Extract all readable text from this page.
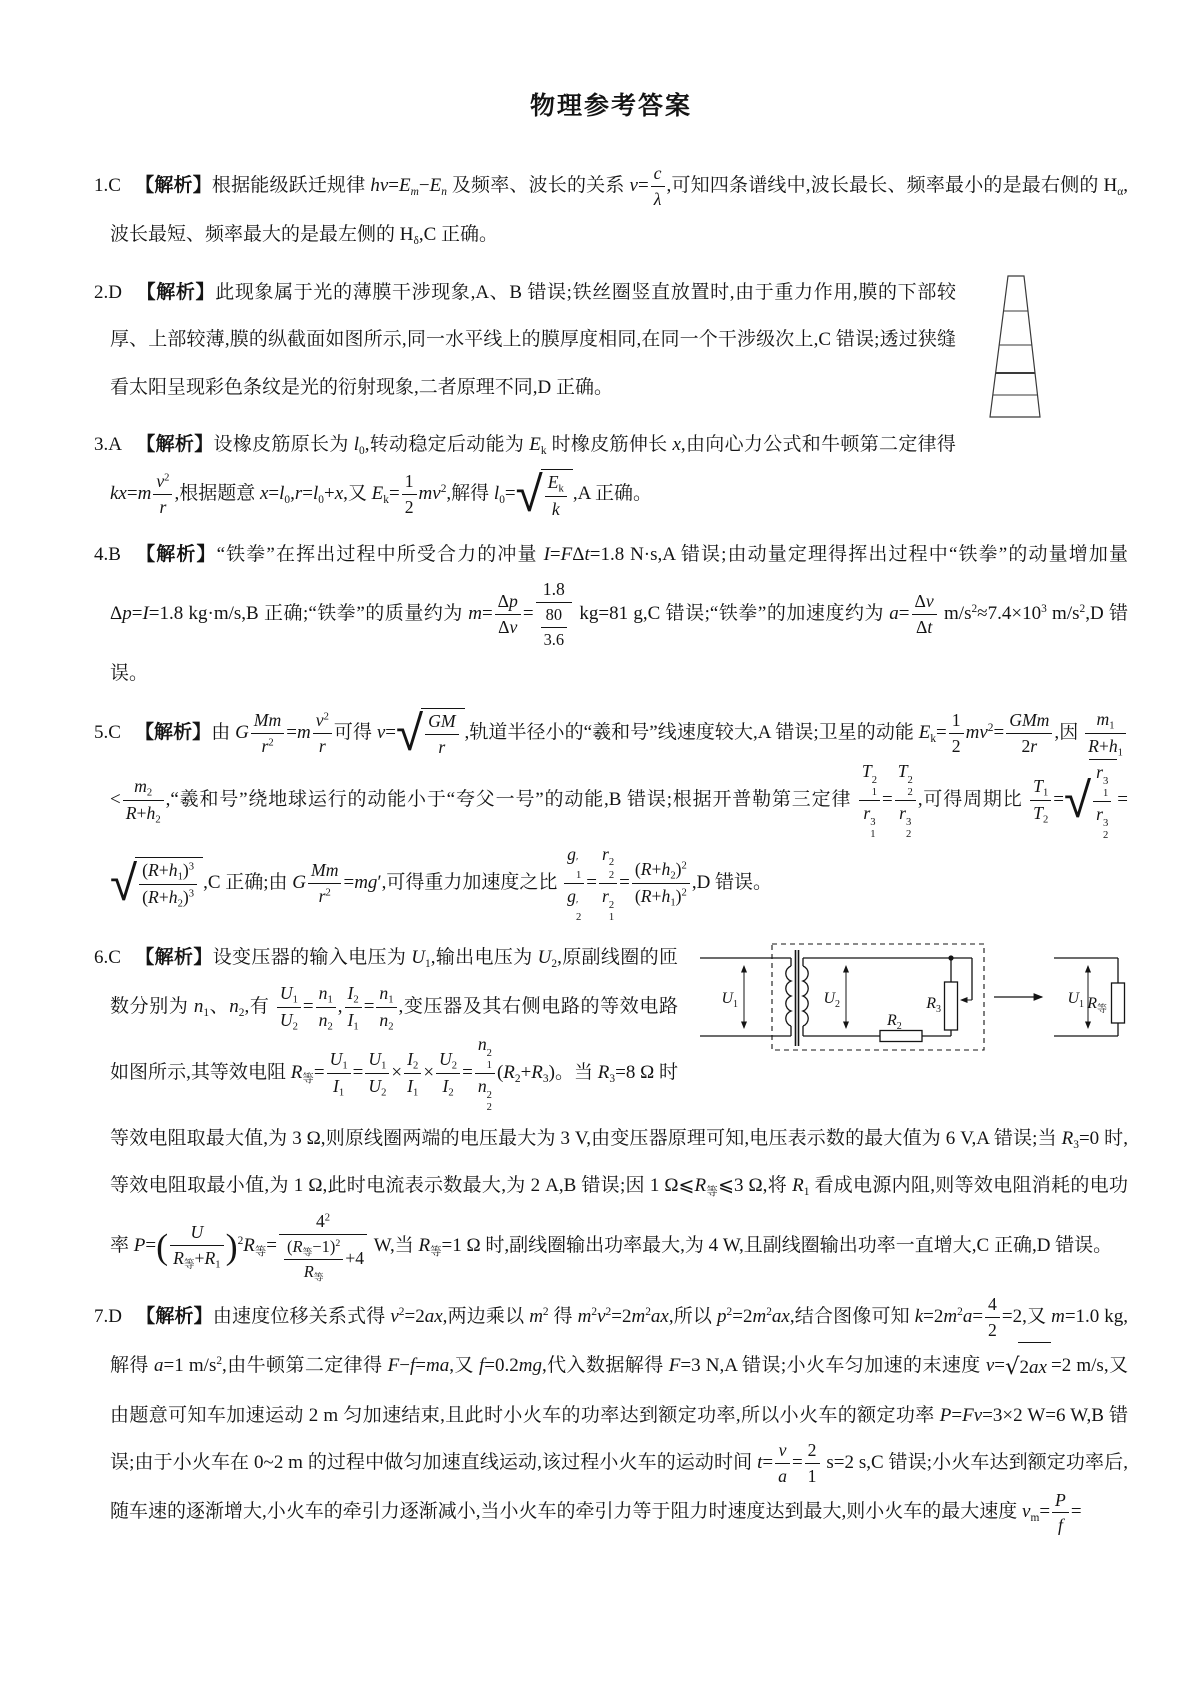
物理参考答案
1.C 【解析】根据能级跃迁规律 $h\nu=E_m-E_n$ 及频率、波长的关系 $\nu= \frac{c}{\lambda}$ ,可知四条谱线中,波长最长、频率最小的是最右侧的 $H_\alpha$,波长最短、频率最大的是最左侧的 $H_\delta,C$ 正确。
2.D 【解析】此现象属于光的薄膜干涉现象,A、B 错误;铁丝圈竖直放置时,由于重力作用,膜的下部较厚、上部较薄,膜的纵截面如图所示,同一水平线上的膜厚度相同,在同一个干涉级次上,C 错误;透过狭缝看太阳呈现彩色条纹是光的衍射现象,二者原理不同,D 正确。
3.A 【解析】设橡皮筋原长为 $l_0$,转动稳定后动能为 $E_k$ 时橡皮筋伸长 x,由向心力公式和牛顿第二定律得 $kx=m \frac{v^2}{r}$ ,根据题意 $x=l_0,r=l_0+x$,又 $E_k= \frac{1}{2} mv^2$,解得 $l_0=$ √ $\frac{E_k}{k} ,A$ 正确。
4.B 【解析】“铁拳”在挥出过程中所受合力的冲量 I=FΔt=1.8 N·s,A 错误;由动量定理得挥出过程中“铁拳”的动量增加量 Δp=I=1.8 kg·m/s,B 正确;“铁拳”的质量约为 $m= \frac{\Delta p}{\Delta v} = \frac{1.8}{\frac{80}{3.6}} kg=81$ g,C 错误;“铁拳”的加速度约为 $a= \frac{\Delta v}{\Delta t} m/s^2\approx 7.4\times 10^3$ $m/s^2,D$ 错误。
5.C 【解析】由 G $\frac{Mm}{r^2} =m \frac{v^2}{r}$ 可得 v= √ $\frac{GM}{r}$ ,轨道半径小的“羲和号”线速度较大,A 错误;卫星的动能 $E_k= \frac{1}{2} mv^2= \frac{\text{GMm}}{2r}$ ,因 $\frac{m_1}{R+h_1}$
< $\frac{m_2}{R+h_2}$ ,“羲和号”绕地球运行的动能小于“夸父一号”的动能,B 错误;根据开普勒第三定律 T 2
1
r 3
1 = T 2
2
r 3
2 ,可得周期比 $\frac{T_1}{T_2}$ = √ r 3
1
r 3
2 =
√ $\frac{(R+h_1)^3}{(R+h_2)^3} ,C$ 正确;由 G $\frac{Mm}{r^2} =mg'$,可得重力加速度之比 g ′
1
g ′
2 = r 2
2
r 2
$1 = \frac{(R+h_2)^2}{(R+h_1)^2} ,D$ 错误。
$U_1$	$U_2$
$R_2$
$R_3$
$U_1$ $R_等$
6.C 【解析】设变压器的输入电压为 $U_1$,输出电压为 $U_2$,原副线圈的匝数分别为 $n_1$、$n_2$,有 $\frac{U_1}{U_2} = \frac{n_1}{n_2}$ , $\frac{I_2}{I_1} = \frac{n_1}{n_2}$ ,变压器及其右侧电路的等效电路如图所示,其等效电阻 $R_等= \frac{U_1}{I_1} = \frac{U_1}{U_2} \times \frac{I_2}{I_1} \times \frac{U_2}{I_2} = n$ 2
1
n 2
2 $(R_2+R_3)$。当 $R_3=8$ Ω 时等效电阻取最大值,为 3 Ω,则原线圈两端的电压最大为 3 V,由变压器原理可知,电压表示数的最大值为 6 V,A 错误;当 $R_3=0$ 时,等效电阻取最小值,为 1 Ω,此时电流表示数最大,为 2 A,B 错误;因 1 $\Omega⩽R_等⩽3$ Ω,将 $R_1$ 看成电源内阻,则等效电阻消耗的电功率 $P=( \frac{U}{R_等+R_1} )^2R_等= \frac{4^2}{\frac{(R_等-1)^2}{R_等} +4} W$,当 $R_等=1$ Ω 时,副线圈输出功率最大,为 4 W,且副线圈输出功率一直增大,C 正确,D 错误。
7.D 【解析】由速度位移关系式得 $v^2=2ax$,两边乘以 $m^2$ 得 $m^2v^2=2m^2ax$,所以 $p^2=2m^2ax$,结合图像可知 $k=2m^2a= \frac{4}{2} =2$,又 m=1.0 kg,解得 a=1 $m/s^2$,由牛顿第二定律得 F−f=ma,又 f=0.2mg,代入数据解得 F=3 N,A 错误;小火车匀加速的末速度 v= √ 2ax =2 m/s,又由题意可知车加速运动 2 m 匀加速结束,且此时小火车的功率达到额定功率,所以小火车的额定功率 P=Fv=3×2 W=6 W,B 错误;由于小火车在 0~2 m 的过程中做匀加速直线运动,该过程小火车的运动时间 $t= \frac{v}{a} = \frac{2}{1} s=2$ s,C 错误;小火车达到额定功率后,随车速的逐渐增大,小火车的牵引力逐渐减小,当小火车的牵引力等于阻力时速度达到最大,则小火车的最大速度 $v_m= \frac{P}{f}$ =
